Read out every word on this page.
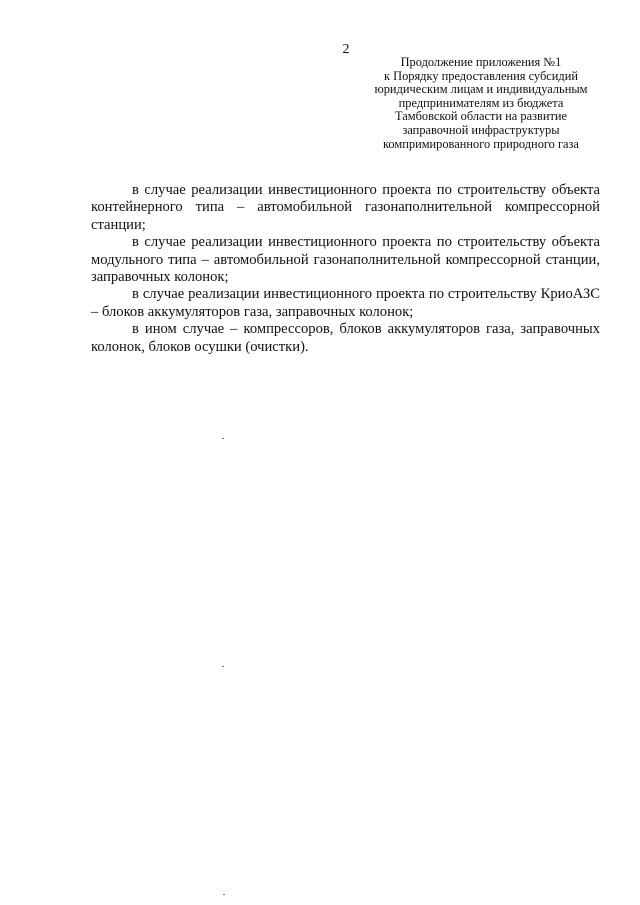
2
Продолжение приложения №1
к Порядку предоставления субсидий
юридическим лицам и индивидуальным
предпринимателям из бюджета
Тамбовской области на развитие
заправочной инфраструктуры
компримированного природного газа

в случае реализации инвестиционного проекта по строительству объекта контейнерного типа – автомобильной газонаполнительной компрессорной станции;

в случае реализации инвестиционного проекта по строительству объекта модульного типа – автомобильной газонаполнительной компрессорной станции, заправочных колонок;

в случае реализации инвестиционного проекта по строительству КриоАЗС – блоков аккумуляторов газа, заправочных колонок;

в ином случае – компрессоров, блоков аккумуляторов газа, заправочных колонок, блоков осушки (очистки).
